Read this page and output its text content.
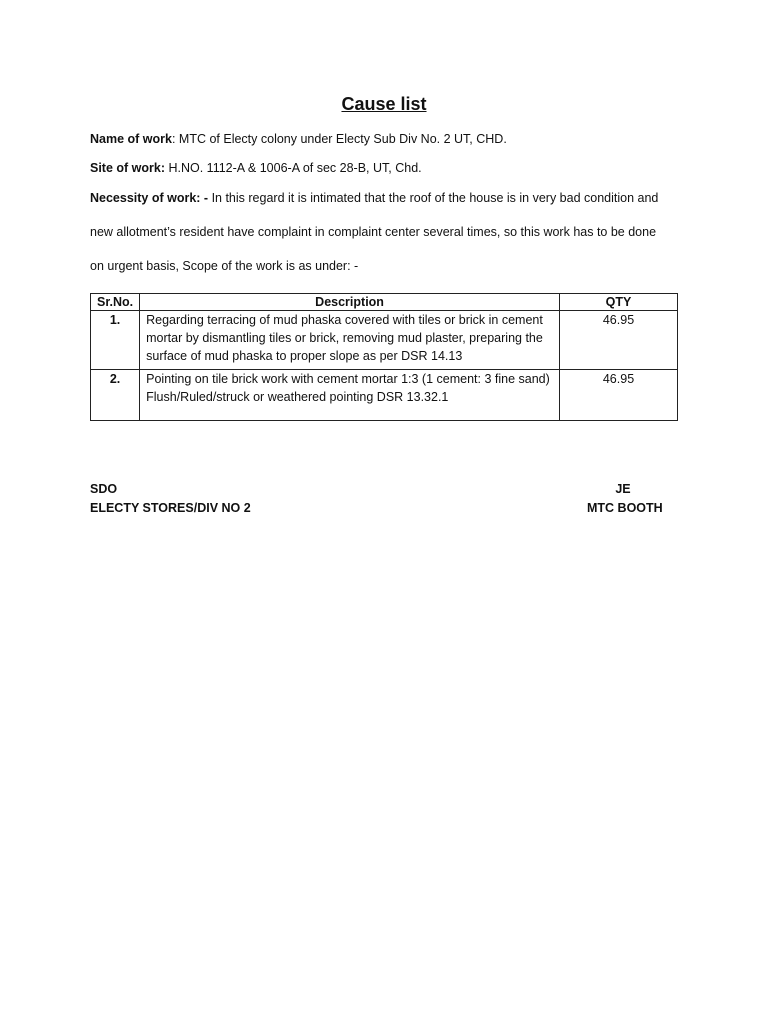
Cause list
Name of work: MTC of Electy colony under Electy Sub Div No. 2 UT, CHD.
Site of work: H.NO. 1112-A & 1006-A of sec 28-B, UT, Chd.
Necessity of work: - In this regard it is intimated that the roof of the house is in very bad condition and
new allotment’s resident have complaint in complaint center several times, so this work has to be done
on urgent basis, Scope of the work is as under: -
Sr.No.	Description	QTY
1.	Regarding terracing of mud phaska covered with tiles or brick in cement mortar by dismantling tiles or brick, removing mud plaster, preparing the surface of mud phaska to proper slope as per DSR 14.13	46.95
2.	Pointing on tile brick work with cement mortar 1:3 (1 cement: 3 fine sand) Flush/Ruled/struck or weathered pointing DSR 13.32.1	46.95
SDO
ELECTY STORES/DIV NO 2
JE
MTC BOOTH
